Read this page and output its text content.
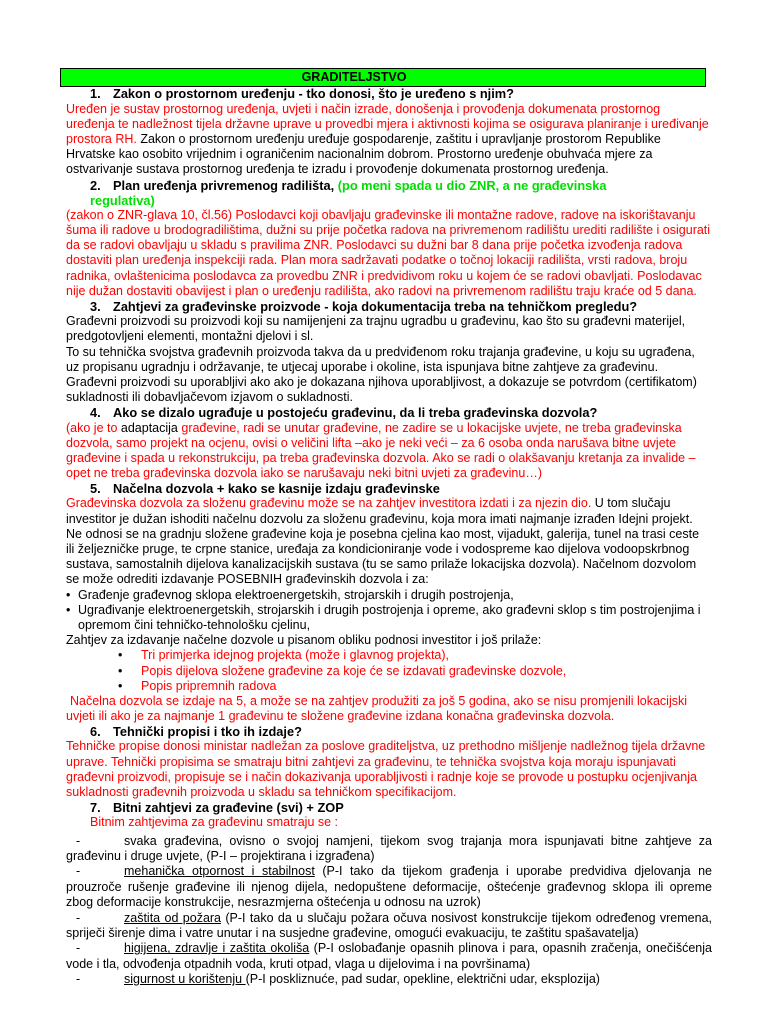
GRADITELJSTVO
1. Zakon o prostornom uređenju - tko donosi, što je uređeno s njim?
Uređen je sustav prostornog uređenja, uvjeti i način izrade, donošenja i provođenja dokumenata prostornog
uređenja te nadležnost tijela državne uprave u provedbi mjera i aktivnosti kojima se osigurava planiranje i uređivanje
prostora RH. Zakon o prostornom uređenju uređuje gospodarenje, zaštitu i upravljanje prostorom Republike
Hrvatske kao osobito vrijednim i ograničenim nacionalnim dobrom. Prostorno uređenje obuhvaća mjere za
ostvarivanje sustava prostornog uređenja te izradu i provođenje dokumenata prostornog uređenja.
2. Plan uređenja privremenog radilišta, (po meni spada u dio ZNR, a ne građevinska
regulativa)
(zakon o ZNR-glava 10, čl.56) Poslodavci koji obavljaju građevinske ili montažne radove, radove na iskorištavanju
šuma ili radove u brodogradilištima, dužni su prije početka radova na privremenom radilištu urediti radilište i osigurati
da se radovi obavljaju u skladu s pravilima ZNR. Poslodavci su dužni bar 8 dana prije početka izvođenja radova
dostaviti plan uređenja inspekciji rada. Plan mora sadržavati podatke o točnoj lokaciji radilišta, vrsti radova, broju
radnika, ovlaštenicima poslodavca za provedbu ZNR i predvidivom roku u kojem će se radovi obavljati. Poslodavac
nije dužan dostaviti obavijest i plan o uređenju radilišta, ako radovi na privremenom radilištu traju kraće od 5 dana.
3. Zahtjevi za građevinske proizvode - koja dokumentacija treba na tehničkom pregledu?
Građevni proizvodi su proizvodi koji su namijenjeni za trajnu ugradbu u građevinu, kao što su građevni materijel,
predgotovljeni elementi, montažni djelovi i sl.
To su tehnička svojstva građevnih proizvoda takva da u predviđenom roku trajanja građevine, u koju su ugrađena,
uz propisanu ugradnju i održavanje, te utjecaj uporabe i okoline, ista ispunjava bitne zahtjeve za građevinu.
Građevni proizvodi su uporabljivi ako ako je dokazana njihova uporabljivost, a dokazuje se potvrdom (certifikatom)
sukladnosti ili dobavljačevom izjavom o sukladnosti.
4. Ako se dizalo ugrađuje u postojeću građevinu, da li treba građevinska dozvola?
(ako je to adaptacija građevine, radi se unutar građevine, ne zadire se u lokacijske uvjete, ne treba građevinska
dozvola, samo projekt na ocjenu, ovisi o veličini lifta –ako je neki veći – za 6 osoba onda narušava bitne uvjete
građevine i spada u rekonstrukciju, pa treba građevinska dozvola. Ako se radi o olakšavanju kretanja za invalide –
opet ne treba građevinska dozvola iako se narušavaju neki bitni uvjeti za građevinu…)
5. Načelna dozvola + kako se kasnije izdaju građevinske
Građevinska dozvola za složenu građevinu može se na zahtjev investitora izdati i za njezin dio. U tom slučaju
investitor je dužan ishoditi načelnu dozvolu za složenu građevinu, koja mora imati najmanje izrađen Idejni projekt.
Ne odnosi se na gradnju složene građevine koja je posebna cjelina kao most, vijadukt, galerija, tunel na trasi ceste
ili željezničke pruge, te crpne stanice, uređaja za kondicioniranje vode i vodospreme kao dijelova vodoopskrbnog
sustava, samostalnih dijelova kanalizacijskih sustava (tu se samo prilaže lokacijska dozvola). Načelnom dozvolom
se može odrediti izdavanje POSEBNIH građevinskih dozvola i za:
• Građenje građevnog sklopa elektroenergetskih, strojarskih i drugih postrojenja,
• Ugrađivanje elektroenergetskih, strojarskih i drugih postrojenja i opreme, ako građevni sklop s tim postrojenjima i
opremom čini tehničko-tehnološku cjelinu,
Zahtjev za izdavanje načelne dozvole u pisanom obliku podnosi investitor i još prilaže:
• Tri primjerka idejnog projekta (može i glavnog projekta),
• Popis dijelova složene građevine za koje će se izdavati građevinske dozvole,
• Popis pripremnih radova
Načelna dozvola se izdaje na 5, a može se na zahtjev produžiti za još 5 godina, ako se nisu promjenili lokacijski
uvjeti ili ako je za najmanje 1 građevinu te složene građevine izdana konačna građevinska dozvola.
6. Tehnički propisi i tko ih izdaje?
Tehničke propise donosi ministar nadležan za poslove graditeljstva, uz prethodno mišljenje nadležnog tijela državne
uprave. Tehnički propisima se smatraju bitni zahtjevi za građevinu, te tehnička svojstva koja moraju ispunjavati
građevni proizvodi, propisuje se i način dokazivanja uporabljivosti i radnje koje se provode u postupku ocjenjivanja
sukladnosti građevnih proizvoda u skladu sa tehničkom specifikacijom.
7. Bitni zahtjevi za građevine (svi) + ZOP
Bitnim zahtjevima za građevinu smatraju se :
-	svaka građevina, ovisno o svojoj namjeni, tijekom svog trajanja mora ispunjavati bitne zahtjeve za
građevinu i druge uvjete, (P-I – projektirana i izgrađena)
-	mehanička otpornost i stabilnost (P-I tako da tijekom građenja i uporabe predvidiva djelovanja ne
prouzroče rušenje građevine ili njenog dijela, nedopuštene deformacije, oštećenje građevnog sklopa ili opreme
zbog deformacije konstrukcije, nesrazmjerna oštećenja u odnosu na uzrok)
-	zaštita od požara (P-I tako da u slučaju požara očuva nosivost konstrukcije tijekom određenog vremena,
spriječi širenje dima i vatre unutar i na susjedne građevine, omogući evakuaciju, te zaštitu spašavatelja)
-	higijena, zdravlje i zaštita okoliša (P-I oslobađanje opasnih plinova i para, opasnih zračenja, onečišćenja
vode i tla, odvođenja otpadnih voda, kruti otpad, vlaga u dijelovima i na površinama)
-	sigurnost u korištenju (P-I poskliznuće, pad sudar, opekline, električni udar, eksplozija)
